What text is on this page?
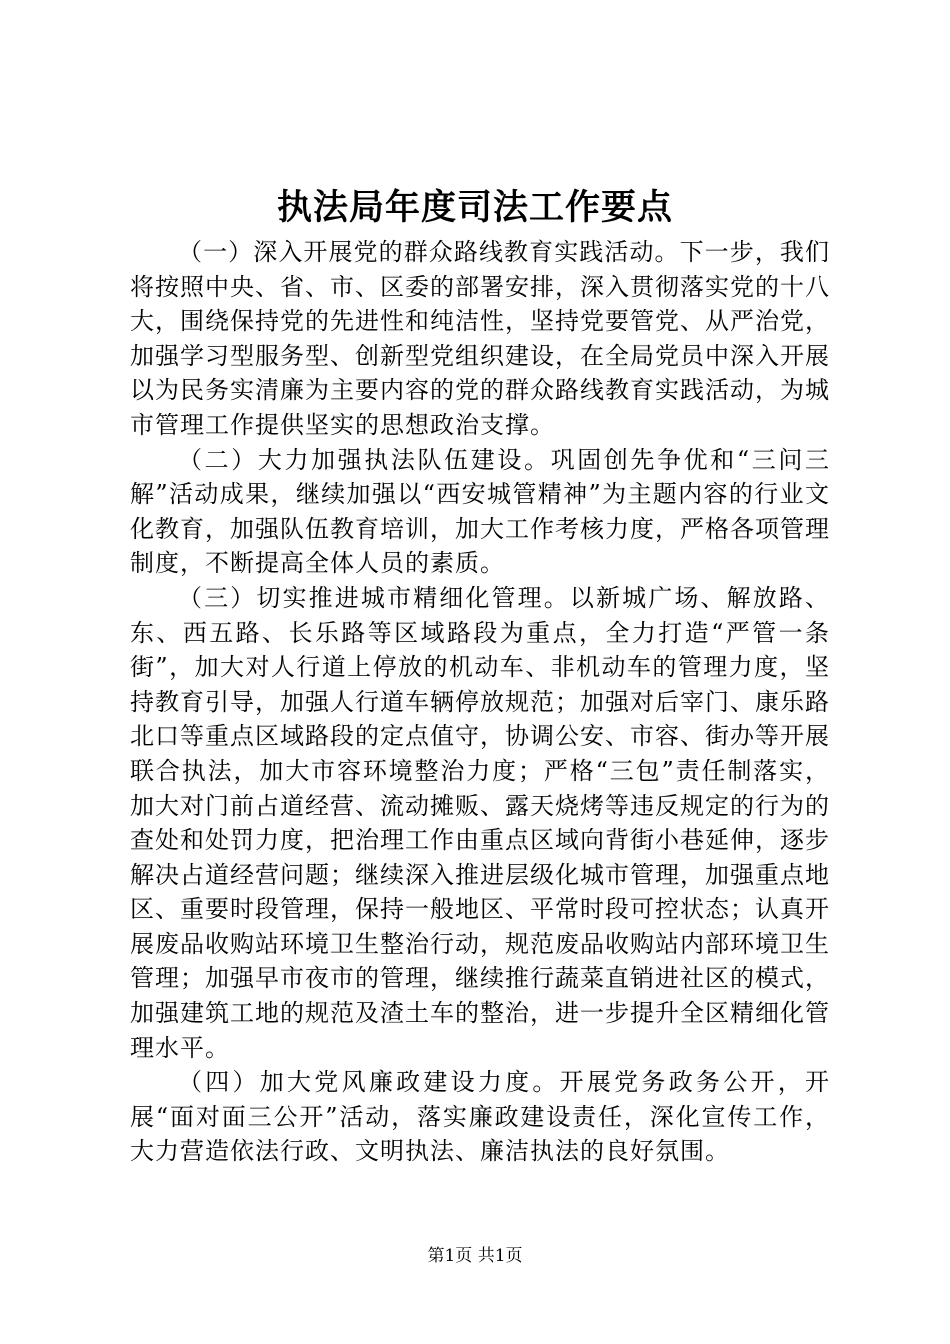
执法局年度司法工作要点

（一）深入开展党的群众路线教育实践活动。下一步，我们将按照中央、省、市、区委的部署安排，深入贯彻落实党的十八大，围绕保持党的先进性和纯洁性，坚持党要管党、从严治党，加强学习型服务型、创新型党组织建设，在全局党员中深入开展以为民务实清廉为主要内容的党的群众路线教育实践活动，为城市管理工作提供坚实的思想政治支撑。

（二）大力加强执法队伍建设。巩固创先争优和“三问三解”活动成果，继续加强以“西安城管精神”为主题内容的行业文化教育，加强队伍教育培训，加大工作考核力度，严格各项管理制度，不断提高全体人员的素质。

（三）切实推进城市精细化管理。以新城广场、解放路、东、西五路、长乐路等区域路段为重点，全力打造“严管一条街”，加大对人行道上停放的机动车、非机动车的管理力度，坚持教育引导，加强人行道车辆停放规范；加强对后宰门、康乐路北口等重点区域路段的定点值守，协调公安、市容、街办等开展联合执法，加大市容环境整治力度；严格“三包”责任制落实，加大对门前占道经营、流动摊贩、露天烧烤等违反规定的行为的查处和处罚力度，把治理工作由重点区域向背街小巷延伸，逐步解决占道经营问题；继续深入推进层级化城市管理，加强重点地区、重要时段管理，保持一般地区、平常时段可控状态；认真开展废品收购站环境卫生整治行动，规范废品收购站内部环境卫生管理；加强早市夜市的管理，继续推行蔬菜直销进社区的模式，加强建筑工地的规范及渣土车的整治，进一步提升全区精细化管理水平。

（四）加大党风廉政建设力度。开展党务政务公开，开展“面对面三公开”活动，落实廉政建设责任，深化宣传工作，大力营造依法行政、文明执法、廉洁执法的良好氛围。

第1页 共1页
